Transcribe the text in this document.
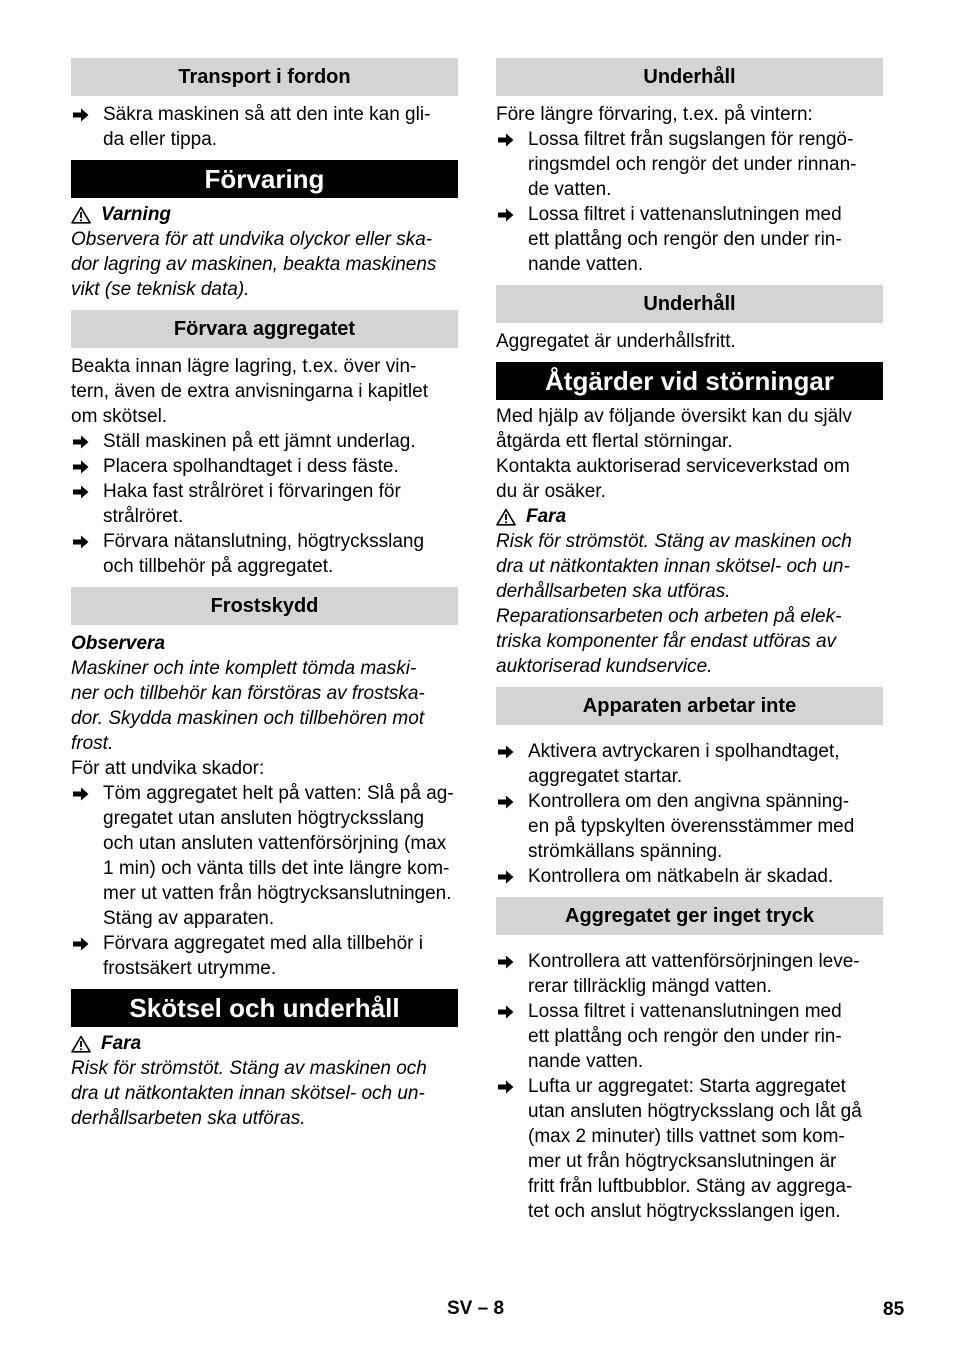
Transport i fordon
Säkra maskinen så att den inte kan gli-
da eller tippa.
Förvaring
Varning
Observera för att undvika olyckor eller ska-
dor lagring av maskinen, beakta maskinens
vikt (se teknisk data).
Förvara aggregatet
Beakta innan lägre lagring, t.ex. över vin-
tern, även de extra anvisningarna i kapitlet
om skötsel.
Ställ maskinen på ett jämnt underlag.
Placera spolhandtaget i dess fäste.
Haka fast strålröret i förvaringen för
strålröret.
Förvara nätanslutning, högtrycksslang
och tillbehör på aggregatet.
Frostskydd
Observera
Maskiner och inte komplett tömda maski-
ner och tillbehör kan förstöras av frostska-
dor. Skydda maskinen och tillbehören mot
frost.
För att undvika skador:
Töm aggregatet helt på vatten: Slå på ag-
gregatet utan ansluten högtrycksslang
och utan ansluten vattenförsörjning (max
1 min) och vänta tills det inte längre kom-
mer ut vatten från högtrycksanslutningen.
Stäng av apparaten.
Förvara aggregatet med alla tillbehör i
frostsäkert utrymme.
Skötsel och underhåll
Fara
Risk för strömstöt. Stäng av maskinen och
dra ut nätkontakten innan skötsel- och un-
derhållsarbeten ska utföras.
Underhåll
Före längre förvaring, t.ex. på vintern:
Lossa filtret från sugslangen för rengö-
ringsmdel och rengör det under rinnan-
de vatten.
Lossa filtret i vattenanslutningen med
ett plattång och rengör den under rin-
nande vatten.
Underhåll
Aggregatet är underhållsfritt.
Åtgärder vid störningar
Med hjälp av följande översikt kan du själv
åtgärda ett flertal störningar.
Kontakta auktoriserad serviceverkstad om
du är osäker.
Fara
Risk för strömstöt. Stäng av maskinen och
dra ut nätkontakten innan skötsel- och un-
derhållsarbeten ska utföras.
Reparationsarbeten och arbeten på elek-
triska komponenter får endast utföras av
auktoriserad kundservice.
Apparaten arbetar inte
Aktivera avtryckaren i spolhandtaget,
aggregatet startar.
Kontrollera om den angivna spänning-
en på typskylten överensstämmer med
strömkällans spänning.
Kontrollera om nätkabeln är skadad.
Aggregatet ger inget tryck
Kontrollera att vattenförsörjningen leve-
rerar tillräcklig mängd vatten.
Lossa filtret i vattenanslutningen med
ett plattång och rengör den under rin-
nande vatten.
Lufta ur aggregatet: Starta aggregatet
utan ansluten högtrycksslang och låt gå
(max 2 minuter) tills vattnet som kom-
mer ut från högtrycksanslutningen är
fritt från luftbubblor. Stäng av aggrega-
tet och anslut högtrycksslangen igen.
SV – 8	85
